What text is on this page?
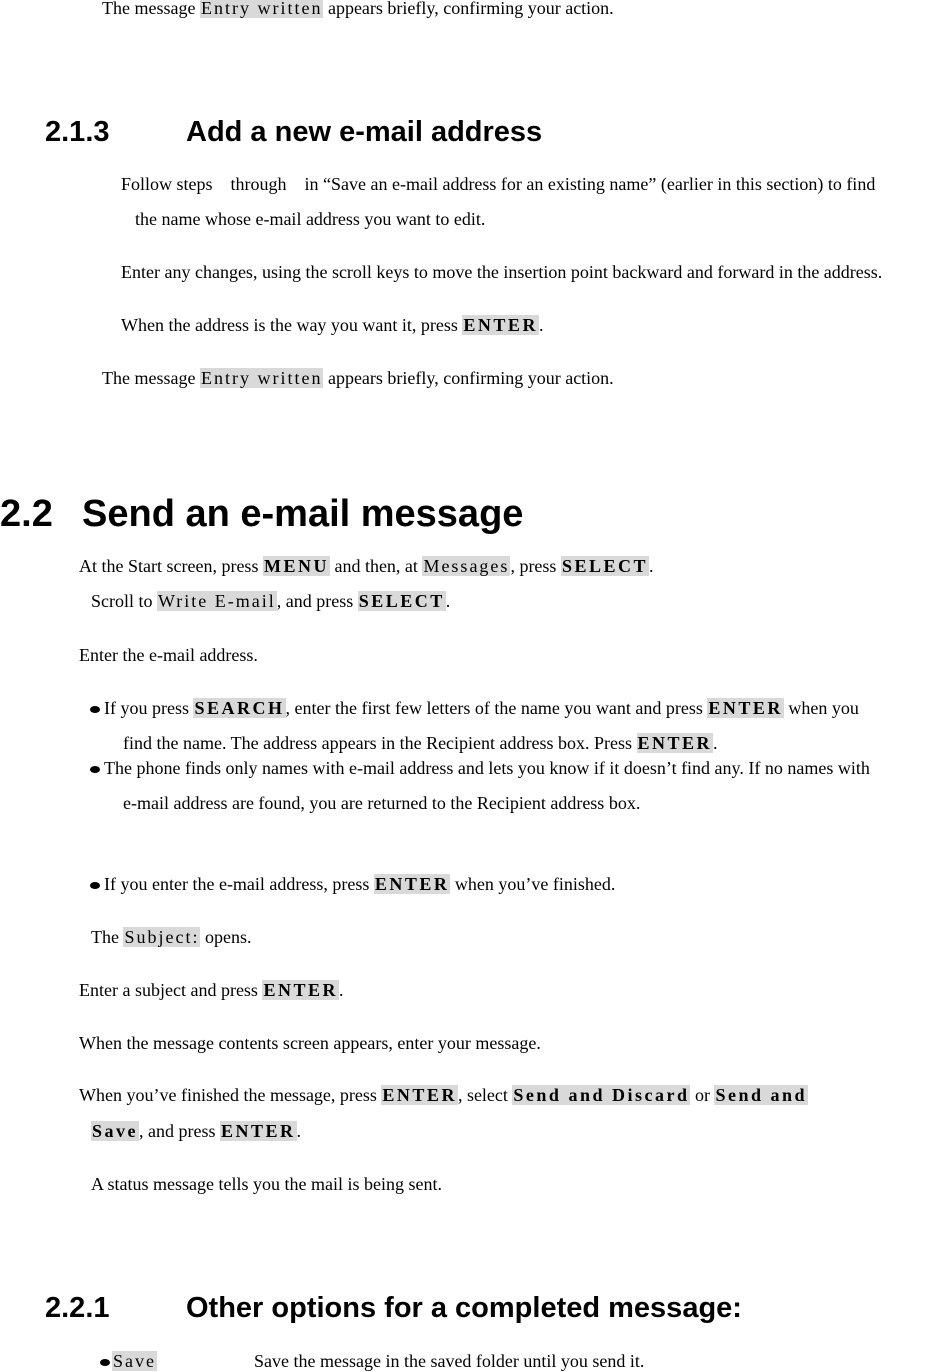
The message Entry written appears briefly, confirming your action.
2.1.3	Add a new e-mail address
Follow steps    through    in “Save an e-mail address for an existing name” (earlier in this section) to find
the name whose e-mail address you want to edit.
Enter any changes, using the scroll keys to move the insertion point backward and forward in the address.
When the address is the way you want it, press ENTER.
The message Entry written appears briefly, confirming your action.
2.2 Send an e-mail message
At the Start screen, press MENU and then, at Messages, press SELECT.
Scroll to Write E-mail, and press SELECT.
Enter the e-mail address.
If you press SEARCH, enter the first few letters of the name you want and press ENTER when you
find the name. The address appears in the Recipient address box. Press ENTER.
The phone finds only names with e-mail address and lets you know if it doesn’t find any. If no names with
e-mail address are found, you are returned to the Recipient address box.
If you enter the e-mail address, press ENTER when you’ve finished.
The Subject: opens.
Enter a subject and press ENTER.
When the message contents screen appears, enter your message.
When you’ve finished the message, press ENTER, select Send and Discard or Send and
Save, and press ENTER.
A status message tells you the mail is being sent.
2.2.1	Other options for a completed message:
Save	Save the message in the saved folder until you send it.
